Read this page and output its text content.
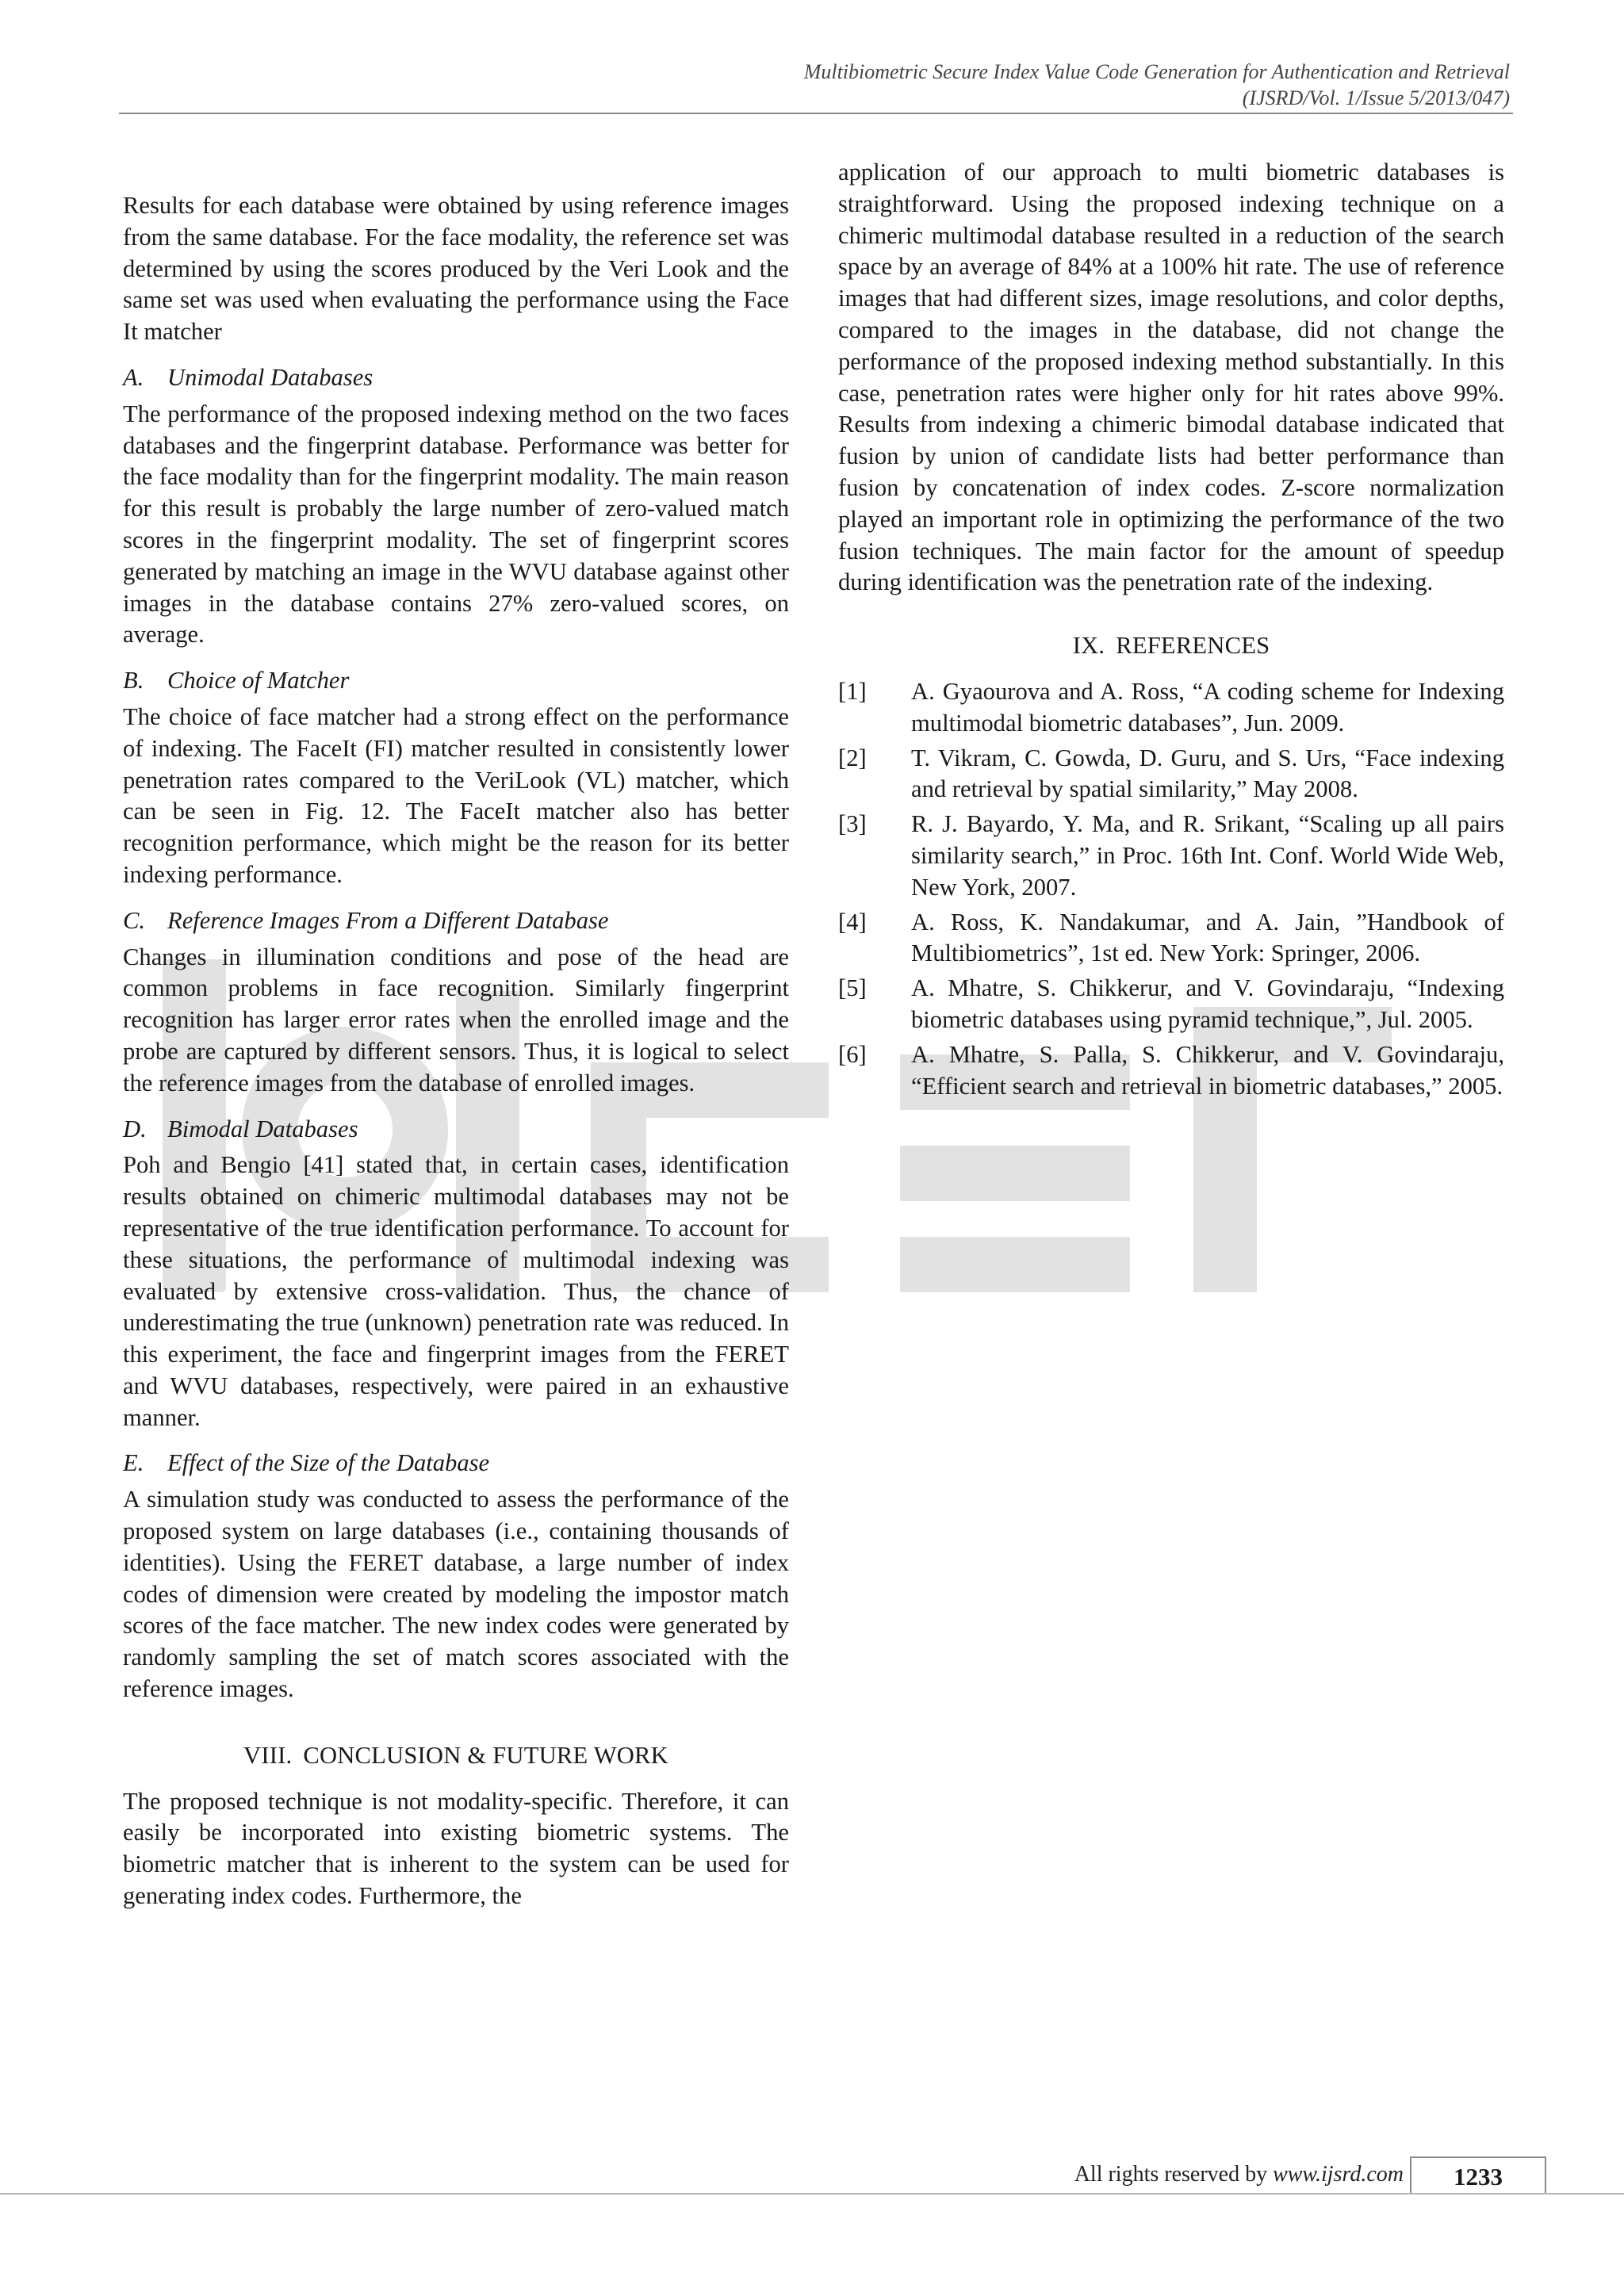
Multibiometric Secure Index Value Code Generation for Authentication and Retrieval
(IJSRD/Vol. 1/Issue 5/2013/047)

Results for each database were obtained by using reference images from the same database. For the face modality, the reference set was determined by using the scores produced by the Veri Look and the same set was used when evaluating the performance using the Face It matcher

A. Unimodal Databases

The performance of the proposed indexing method on the two faces databases and the fingerprint database. Performance was better for the face modality than for the fingerprint modality. The main reason for this result is probably the large number of zero-valued match scores in the fingerprint modality. The set of fingerprint scores generated by matching an image in the WVU database against other images in the database contains 27% zero-valued scores, on average.

B. Choice of Matcher

The choice of face matcher had a strong effect on the performance of indexing. The FaceIt (FI) matcher resulted in consistently lower penetration rates compared to the VeriLook (VL) matcher, which can be seen in Fig. 12. The FaceIt matcher also has better recognition performance, which might be the reason for its better indexing performance.

C. Reference Images From a Different Database

Changes in illumination conditions and pose of the head are common problems in face recognition. Similarly fingerprint recognition has larger error rates when the enrolled image and the probe are captured by different sensors. Thus, it is logical to select the reference images from the database of enrolled images.

D. Bimodal Databases

Poh and Bengio [41] stated that, in certain cases, identification results obtained on chimeric multimodal databases may not be representative of the true identification performance. To account for these situations, the performance of multimodal indexing was evaluated by extensive cross-validation. Thus, the chance of underestimating the true (unknown) penetration rate was reduced. In this experiment, the face and fingerprint images from the FERET and WVU databases, respectively, were paired in an exhaustive manner.

E. Effect of the Size of the Database

A simulation study was conducted to assess the performance of the proposed system on large databases (i.e., containing thousands of identities). Using the FERET database, a large number of index codes of dimension were created by modeling the impostor match scores of the face matcher. The new index codes were generated by randomly sampling the set of match scores associated with the reference images.

VIII. CONCLUSION & FUTURE WORK

The proposed technique is not modality-specific. Therefore, it can easily be incorporated into existing biometric systems. The biometric matcher that is inherent to the system can be used for generating index codes. Furthermore, the

application of our approach to multi biometric databases is straightforward. Using the proposed indexing technique on a chimeric multimodal database resulted in a reduction of the search space by an average of 84% at a 100% hit rate. The use of reference images that had different sizes, image resolutions, and color depths, compared to the images in the database, did not change the performance of the proposed indexing method substantially. In this case, penetration rates were higher only for hit rates above 99%. Results from indexing a chimeric bimodal database indicated that fusion by union of candidate lists had better performance than fusion by concatenation of index codes. Z-score normalization played an important role in optimizing the performance of the two fusion techniques. The main factor for the amount of speedup during identification was the penetration rate of the indexing.

IX. REFERENCES
[1]	A. Gyaourova and A. Ross, “A coding scheme for Indexing multimodal biometric databases”, Jun. 2009.
[2]	T. Vikram, C. Gowda, D. Guru, and S. Urs, “Face indexing and retrieval by spatial similarity,” May 2008.
[3]	R. J. Bayardo, Y. Ma, and R. Srikant, “Scaling up all pairs similarity search,” in Proc. 16th Int. Conf. World Wide Web, New York, 2007.
[4]	A. Ross, K. Nandakumar, and A. Jain, ”Handbook of Multibiometrics”, 1st ed. New York: Springer, 2006.
[5]	A. Mhatre, S. Chikkerur, and V. Govindaraju, “Indexing biometric databases using pyramid technique,”, Jul. 2005.
[6]	A. Mhatre, S. Palla, S. Chikkerur, and V. Govindaraju, “Efficient search and retrieval in biometric databases,” 2005.
All rights reserved by www.ijsrd.com	1233
